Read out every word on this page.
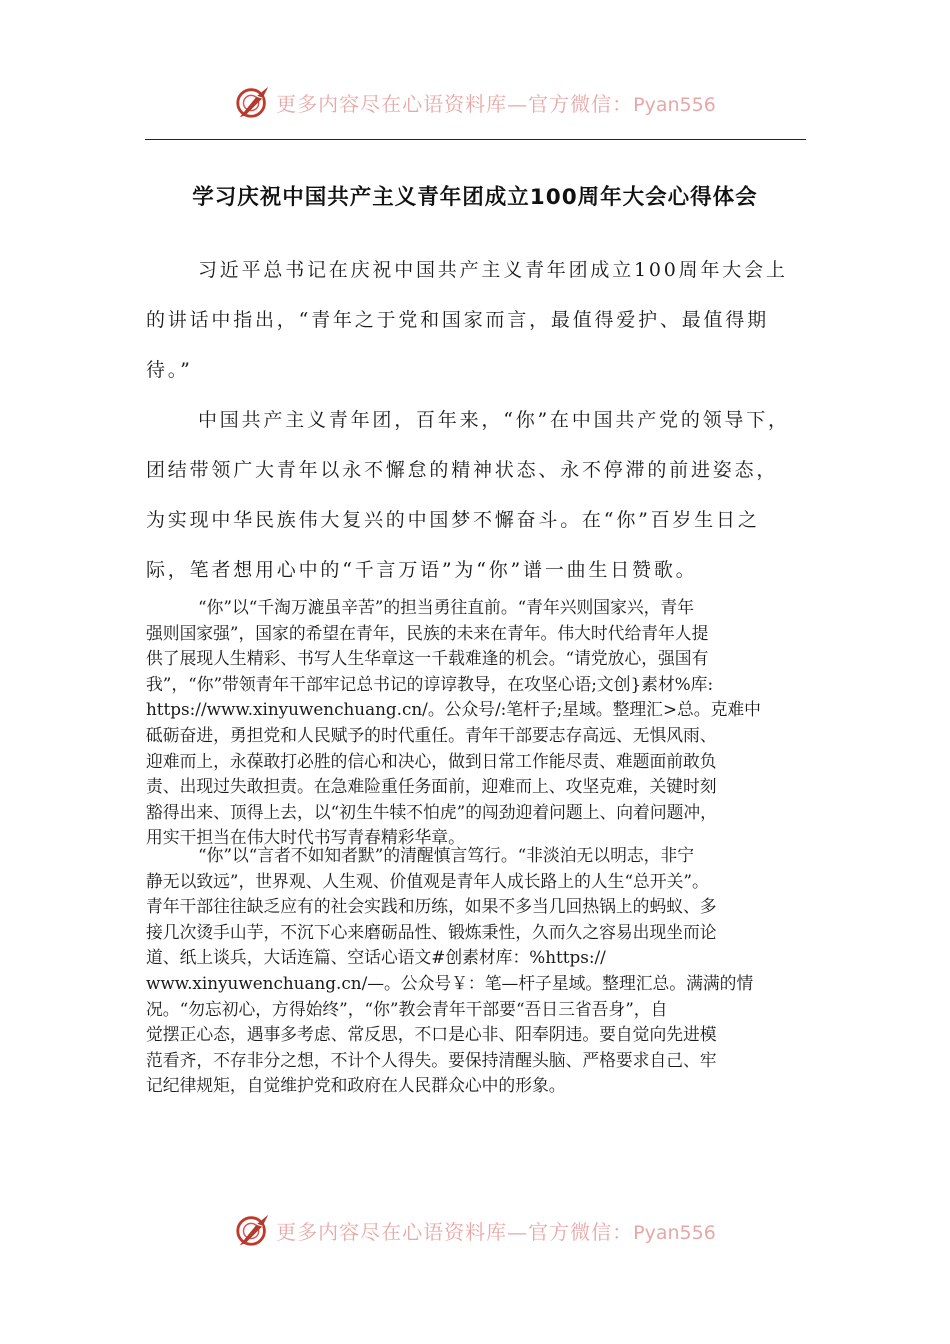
更多内容尽在心语资料库—官方微信：Pyan556
学习庆祝中国共产主义青年团成立100周年大会心得体会
习近平总书记在庆祝中国共产主义青年团成立100周年大会上
的讲话中指出，“青年之于党和国家而言，最值得爱护、最值得期
待。”
中国共产主义青年团，百年来，“你”在中国共产党的领导下，
团结带领广大青年以永不懈怠的精神状态、永不停滞的前进姿态，
为实现中华民族伟大复兴的中国梦不懈奋斗。在“你”百岁生日之
际，笔者想用心中的“千言万语”为“你”谱一曲生日赞歌。
“你”以“千淘万漉虽辛苦”的担当勇往直前。“青年兴则国家兴，青年
强则国家强”，国家的希望在青年，民族的未来在青年。伟大时代给青年人提
供了展现人生精彩、书写人生华章这一千载难逢的机会。“请党放心，强国有
我”，“你”带领青年干部牢记总书记的谆谆教导，在攻坚心语;文创}素材%库:
https://www.xinyuwenchuang.cn/。公众号/:笔杆子;星域。整理汇>总。克难中
砥砺奋进，勇担党和人民赋予的时代重任。青年干部要志存高远、无惧风雨、
迎难而上，永葆敢打必胜的信心和决心，做到日常工作能尽责、难题面前敢负
责、出现过失敢担责。在急难险重任务面前，迎难而上、攻坚克难，关键时刻
豁得出来、顶得上去，以“初生牛犊不怕虎”的闯劲迎着问题上、向着问题冲，
用实干担当在伟大时代书写青春精彩华章。
“你”以“言者不如知者默”的清醒慎言笃行。“非淡泊无以明志，非宁
静无以致远”，世界观、人生观、价值观是青年人成长路上的人生“总开关”。
青年干部往往缺乏应有的社会实践和历练，如果不多当几回热锅上的蚂蚁、多
接几次烫手山芋，不沉下心来磨砺品性、锻炼秉性，久而久之容易出现坐而论
道、纸上谈兵，大话连篇、空话心语文#创素材库：%https://
www.xinyuwenchuang.cn/—。公众号￥：笔—杆子星域。整理汇总。满满的情
况。“勿忘初心，方得始终”，“你”教会青年干部要“吾日三省吾身”，自
觉摆正心态，遇事多考虑、常反思，不口是心非、阳奉阴违。要自觉向先进模
范看齐，不存非分之想，不计个人得失。要保持清醒头脑、严格要求自己、牢
记纪律规矩，自觉维护党和政府在人民群众心中的形象。
更多内容尽在心语资料库—官方微信：Pyan556
